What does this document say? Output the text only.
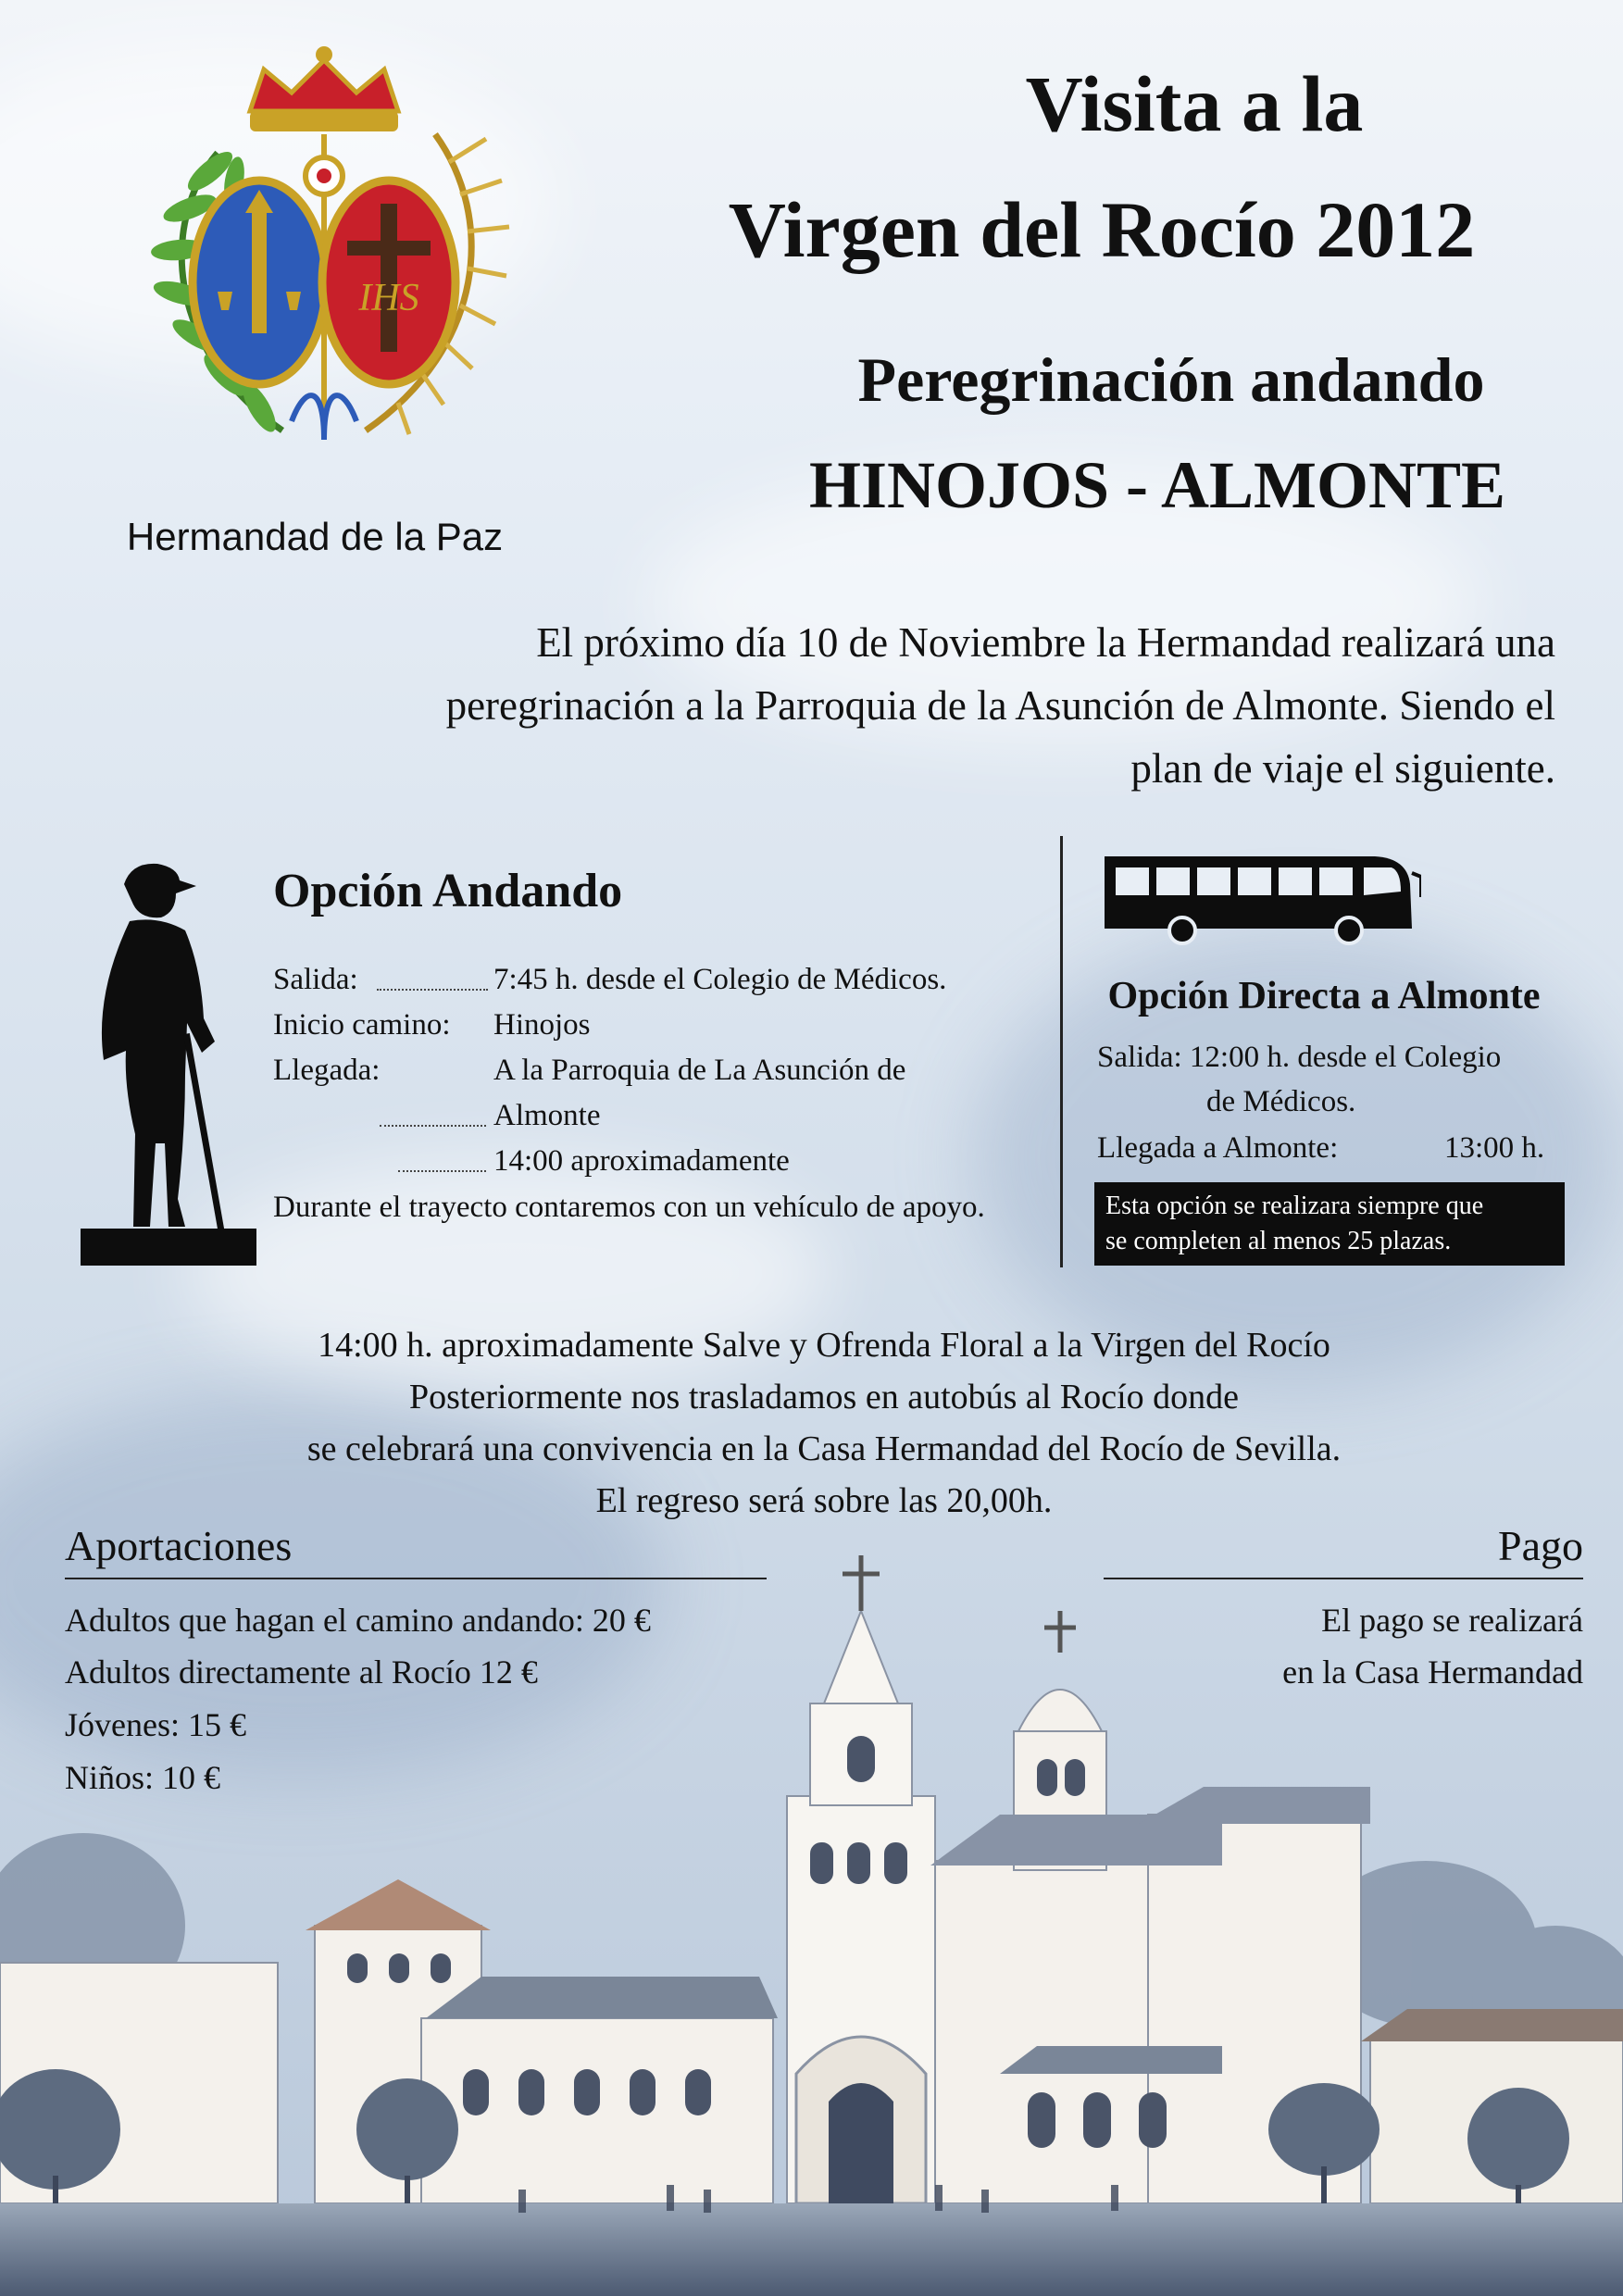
IHS
Visita a la
Virgen del Rocío 2012
Peregrinación andando
HINOJOS - ALMONTE
Hermandad de la Paz
El próximo día 10 de Noviembre la Hermandad realizará una
peregrinación a la Parroquia de la Asunción de Almonte. Siendo el
plan de viaje el siguiente.
Opción Andando
Salida:	7:45 h. desde el Colegio de Médicos.
Inicio camino: Hinojos
Llegada:	A la Parroquia de La Asunción de
Almonte
14:00 aproximadamente
Durante el trayecto contaremos con un vehículo de apoyo.
Opción Directa a Almonte
Salida: 12:00 h. desde el Colegio
de Médicos.
Llegada a Almonte:	13:00 h.
Esta opción se realizara siempre que
se completen al menos 25 plazas.
14:00 h. aproximadamente Salve y Ofrenda Floral a la Virgen del Rocío
Posteriormente nos trasladamos en autobús al Rocío donde
se celebrará una convivencia en la Casa Hermandad del Rocío de Sevilla.
El regreso será sobre las 20,00h.
Aportaciones
Adultos que hagan el camino andando: 20 €
Adultos directamente al Rocío 12 €
Jóvenes: 15 €
Niños: 10 €
Pago
El pago se realizará
en la Casa Hermandad
